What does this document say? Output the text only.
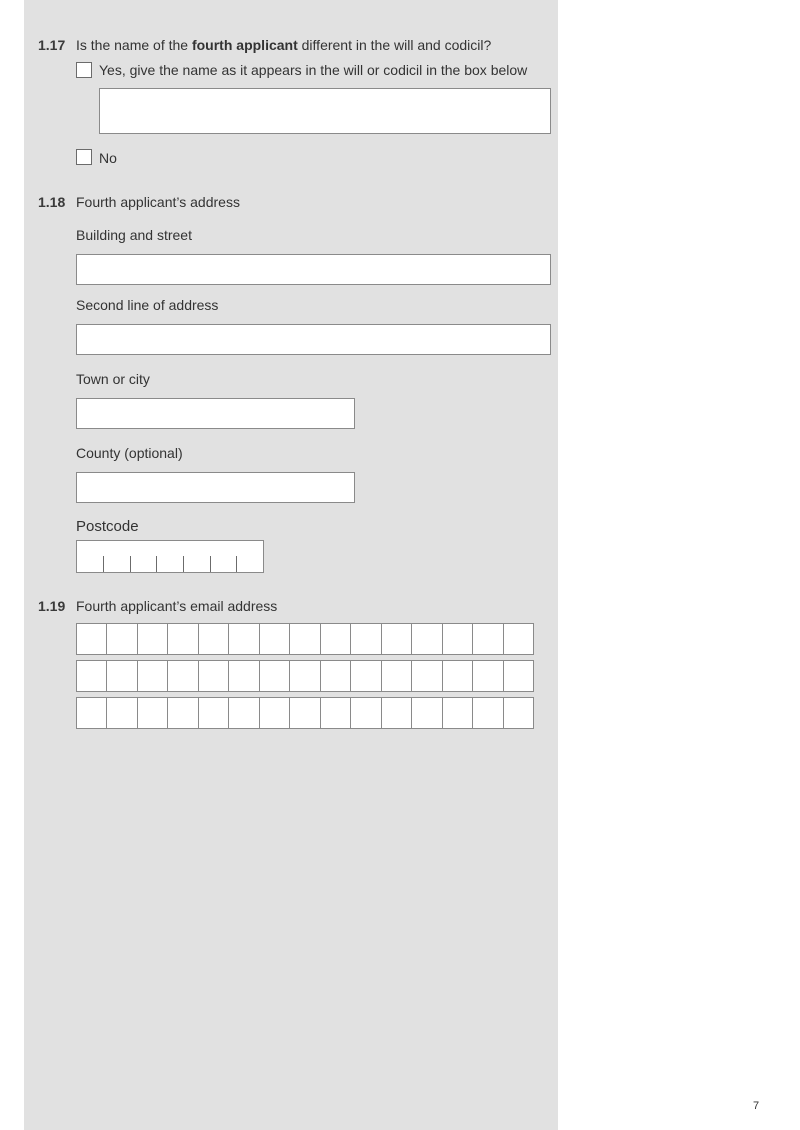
1.17 Is the name of the fourth applicant different in the will and codicil?
Yes, give the name as it appears in the will or codicil in the box below
No
1.18 Fourth applicant’s address
Building and street
Second line of address
Town or city
County (optional)
Postcode
1.19 Fourth applicant’s email address
7
